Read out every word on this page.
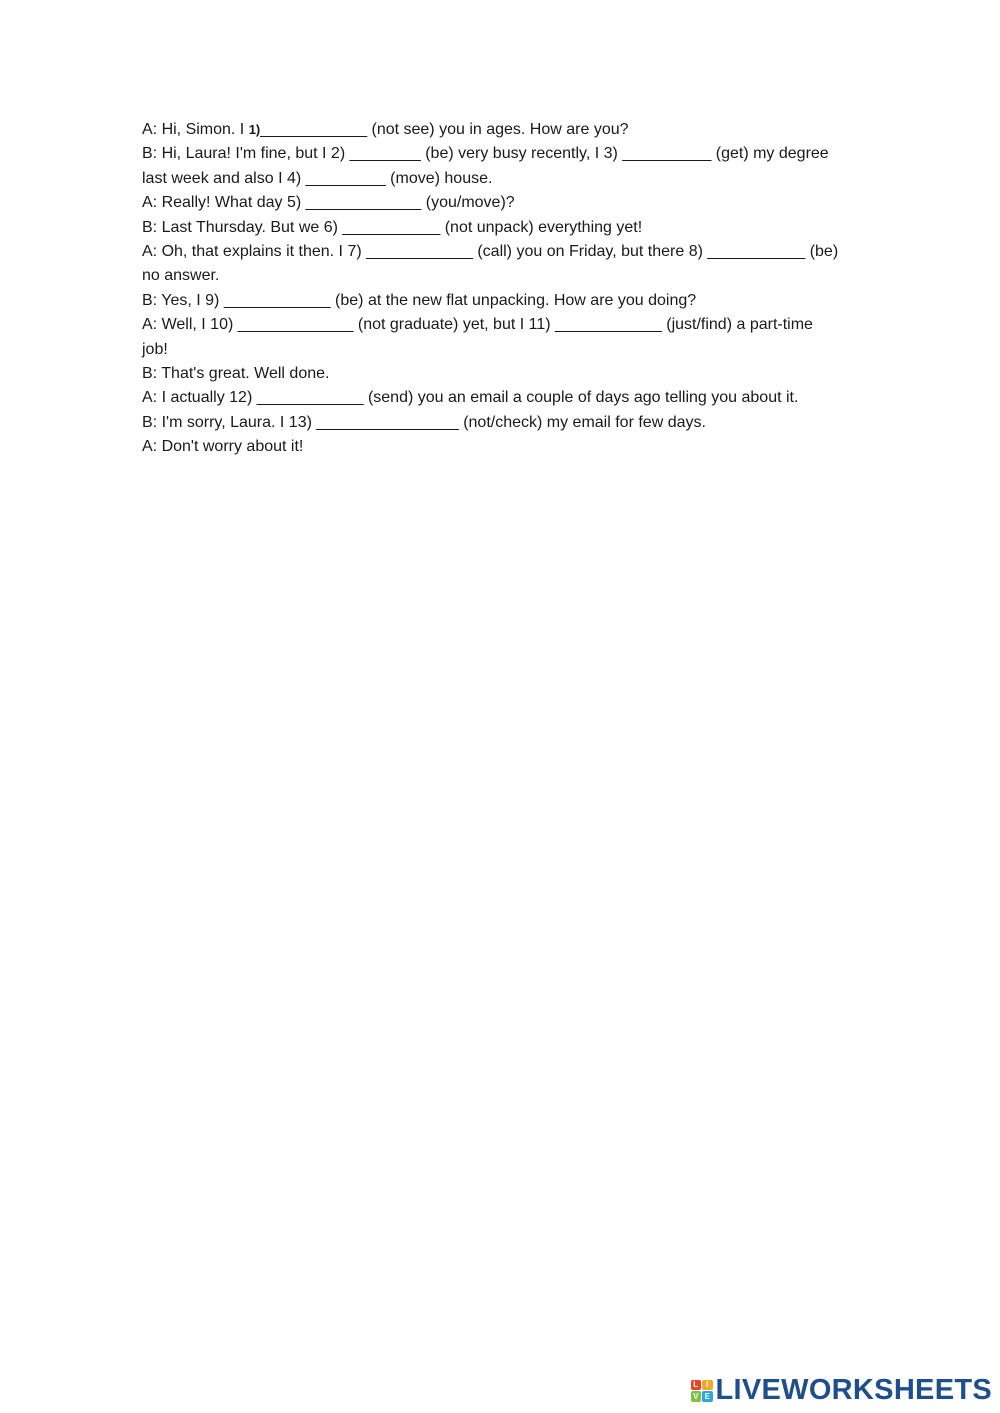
A: Hi, Simon. I 1)____________ (not see) you in ages. How are you?
B: Hi, Laura! I'm fine, but I 2) ________ (be) very busy recently, I 3) __________ (get) my degree
last week and also I 4) _________ (move) house.
A: Really! What day 5) _____________ (you/move)?
B: Last Thursday. But we 6) ___________ (not unpack) everything yet!
A: Oh, that explains it then. I 7) ____________ (call) you on Friday, but there 8) ___________ (be)
no answer.
B: Yes, I 9) ____________ (be) at the new flat unpacking. How are you doing?
A: Well, I 10) _____________ (not graduate) yet, but I 11) ____________ (just/find) a part-time
job!
B: That's great. Well done.
A: I actually 12) ____________ (send) you an email a couple of days ago telling you about it.
B: I'm sorry, Laura. I 13) ________________ (not/check) my email for few days.
A: Don't worry about it!
L I
V E LIVEWORKSHEETS
